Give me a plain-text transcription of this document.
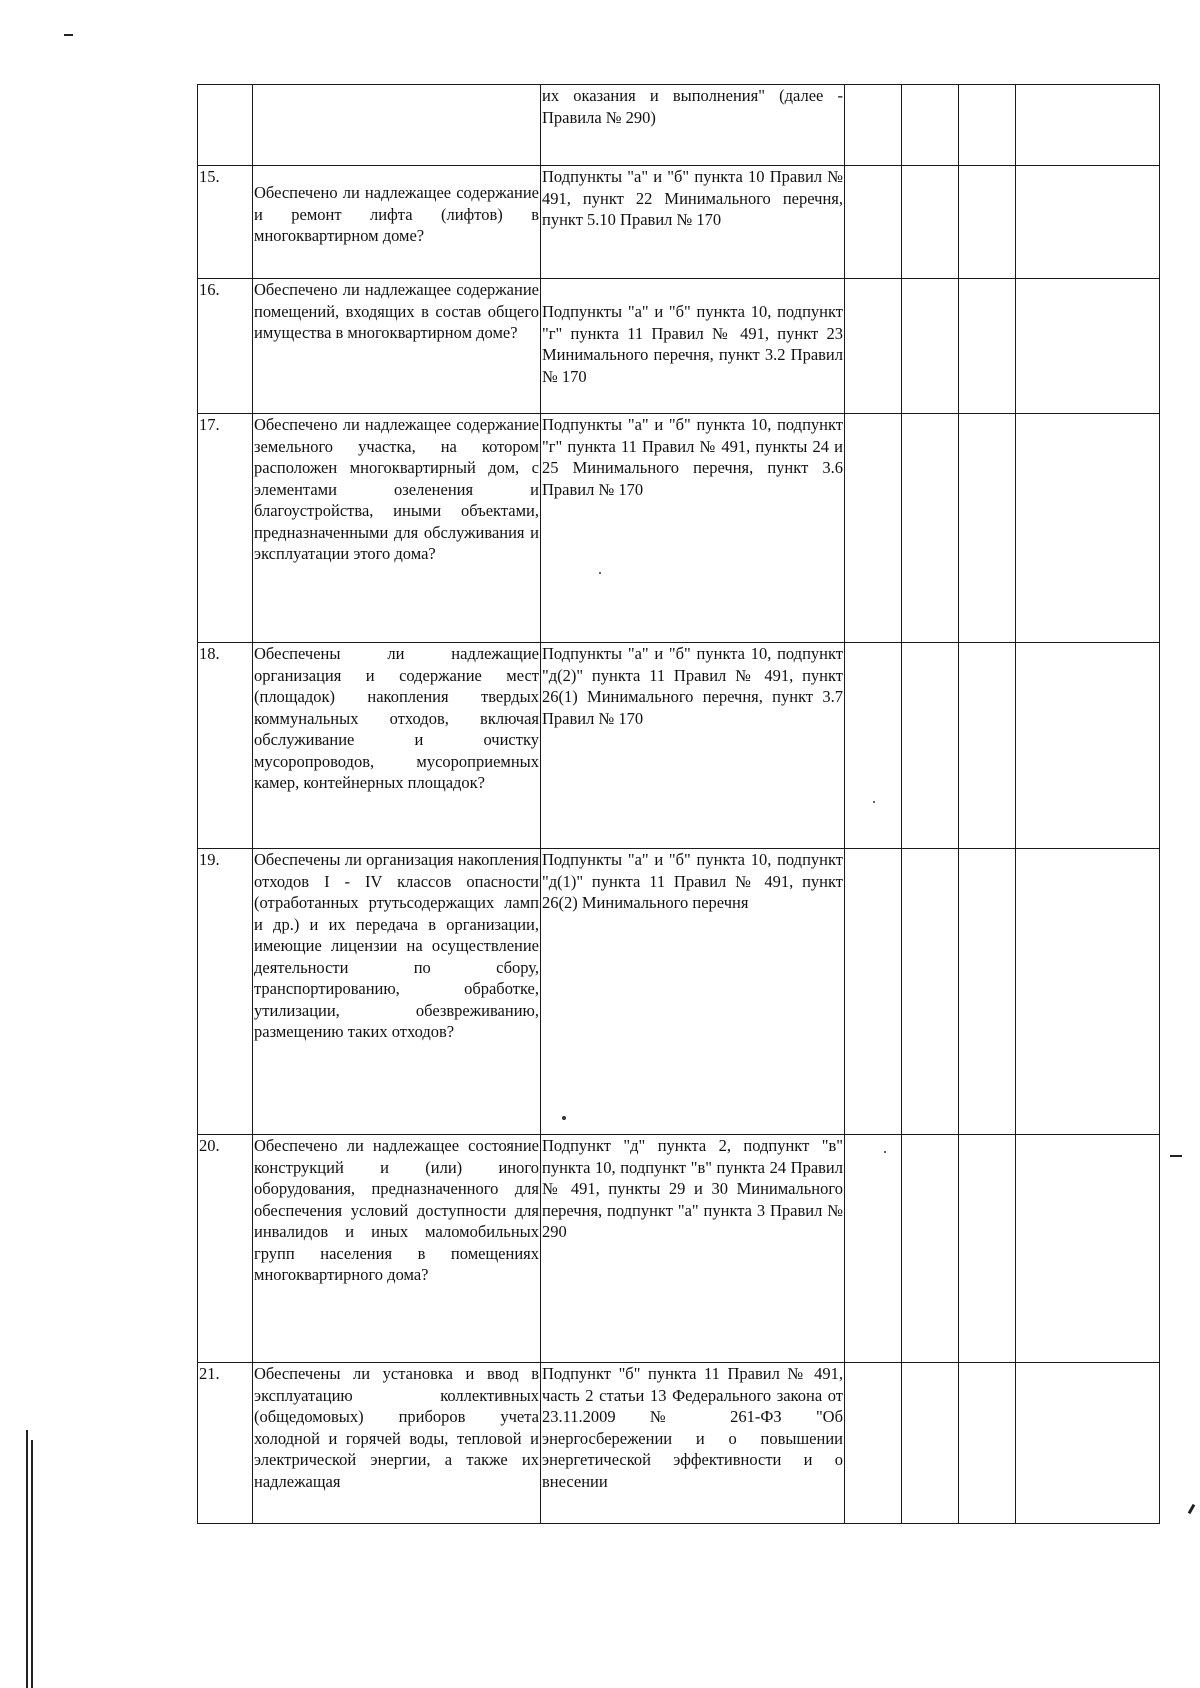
		их оказания и выполнения" (далее - Правила № 290)				

15.	Обеспечено ли надлежащее содержание и ремонт лифта (лифтов) в многоквартирном доме?	Подпункты "а" и "б" пункта 10 Правил № 491, пункт 22 Минимального перечня, пункт 5.10 Правил № 170				

16.	Обеспечено ли надлежащее содержание помещений, входящих в состав общего имущества в многоквартирном доме?	Подпункты "а" и "б" пункта 10, подпункт "г" пункта 11 Правил № 491, пункт 23 Минимального перечня, пункт 3.2 Правил № 170				

17.	Обеспечено ли надлежащее содержание земельного участка, на котором расположен многоквартирный дом, с элементами озеленения и благоустройства, иными объектами, предназначенными для обслуживания и эксплуатации этого дома?	Подпункты "а" и "б" пункта 10, подпункт "г" пункта 11 Правил № 491, пункты 24 и 25 Минимального перечня, пункт 3.6 Правил № 170				

18.	Обеспечены ли надлежащие организация и содержание мест (площадок) накопления твердых коммунальных отходов, включая обслуживание и очистку мусоропроводов, мусороприемных камер, контейнерных площадок?	Подпункты "а" и "б" пункта 10, подпункт "д(2)" пункта 11 Правил № 491, пункт 26(1) Минимального перечня, пункт 3.7 Правил № 170				

19.	Обеспечены ли организация накопления отходов I - IV классов опасности (отработанных ртутьсодержащих ламп и др.) и их передача в организации, имеющие лицензии на осуществление деятельности по сбору, транспортированию, обработке, утилизации, обезвреживанию, размещению таких отходов?	Подпункты "а" и "б" пункта 10, подпункт "д(1)" пункта 11 Правил № 491, пункт 26(2) Минимального перечня				

20.	Обеспечено ли надлежащее состояние конструкций и (или) иного оборудования, предназначенного для обеспечения условий доступности для инвалидов и иных маломобильных групп населения в помещениях многоквартирного дома?	Подпункт "д" пункта 2, подпункт "в" пункта 10, подпункт "в" пункта 24 Правил № 491, пункты 29 и 30 Минимального перечня, подпункт "а" пункта 3 Правил № 290				

21.	Обеспечены ли установка и ввод в эксплуатацию коллективных (общедомовых) приборов учета холодной и горячей воды, тепловой и электрической энергии, а также их надлежащая	Подпункт "б" пункта 11 Правил № 491, часть 2 статьи 13 Федерального закона от 23.11.2009 № 261-ФЗ "Об энергосбережении и о повышении энергетической эффективности и о внесении				
